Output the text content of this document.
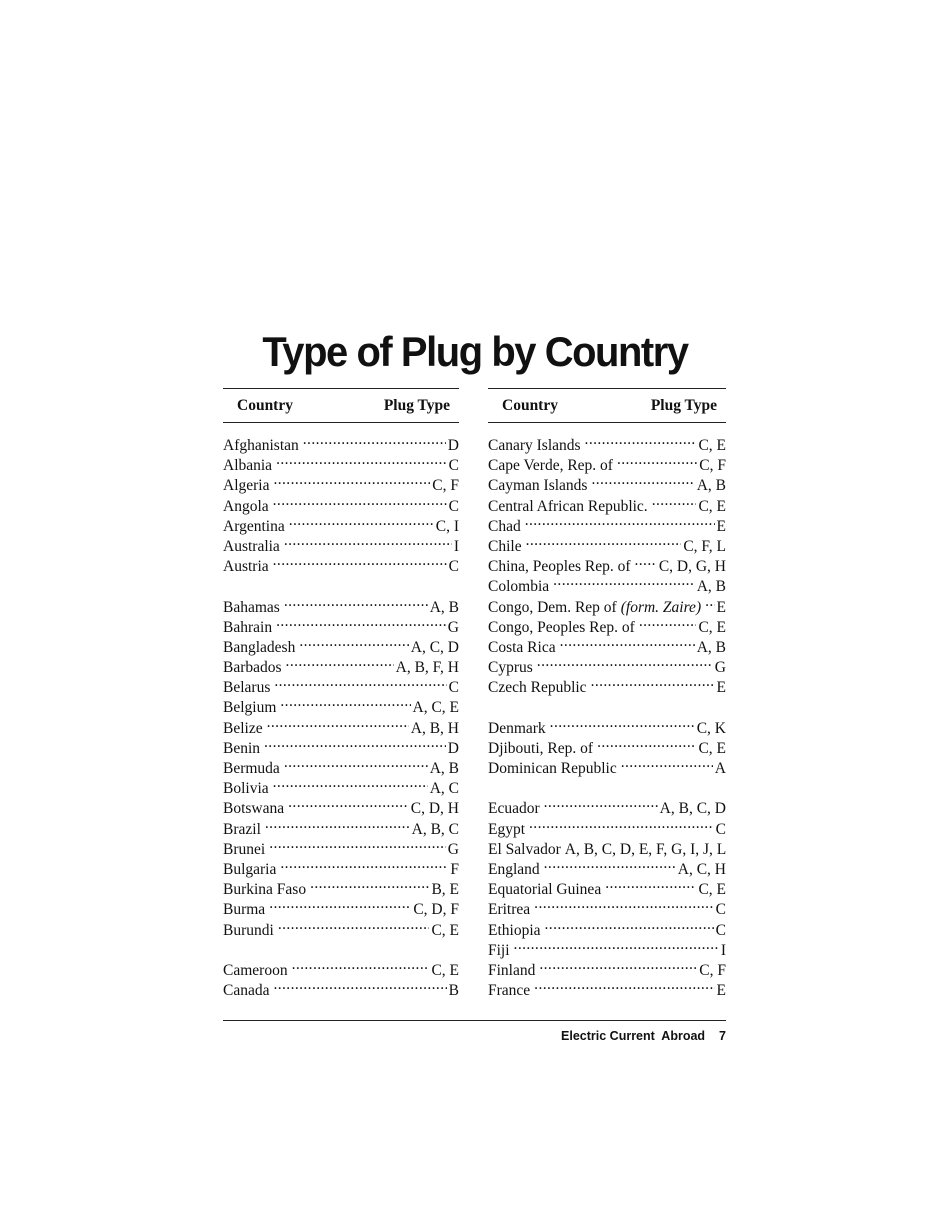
Type of Plug by Country
Country	Plug Type
Afghanistan .....	D
Albania .....	C
Algeria .....	C, F
Angola .....	C
Argentina .....	C, I
Australia .....	I
Austria .....	C
Bahamas .....	A, B
Bahrain .....	G
Bangladesh .....	A, C, D
Barbados .....	A, B, F, H
Belarus .....	C
Belgium .....	A, C, E
Belize .....	A, B, H
Benin .....	D
Bermuda .....	A, B
Bolivia .....	A, C
Botswana .....	C, D, H
Brazil .....	A, B, C
Brunei .....	G
Bulgaria .....	F
Burkina Faso .....	B, E
Burma .....	C, D, F
Burundi .....	C, E
Cameroon .....	C, E
Canada .....	B
Country	Plug Type
Canary Islands .....	C, E
Cape Verde, Rep. of .....	C, F
Cayman Islands .....	A, B
Central African Republic. .....	C, E
Chad .....	E
Chile .....	C, F, L
China, Peoples Rep. of ..... C, D, G, H
Colombia .....	A, B
Congo, Dem. Rep of (form. Zaire) ..... E
Congo, Peoples Rep. of .....	C, E
Costa Rica .....	A, B
Cyprus .....	G
Czech Republic .....	E
Denmark .....	C, K
Djibouti, Rep. of .....	C, E
Dominican Republic .....	A
Ecuador .....	A, B, C, D
Egypt .....	C
El Salvador A, B, C, D, E, F, G, I, J, L
England .....	A, C, H
Equatorial Guinea .....	C, E
Eritrea .....	C
Ethiopia .....	C
Fiji .....	I
Finland .....	C, F
France .....	E
Electric Current  Abroad 7
